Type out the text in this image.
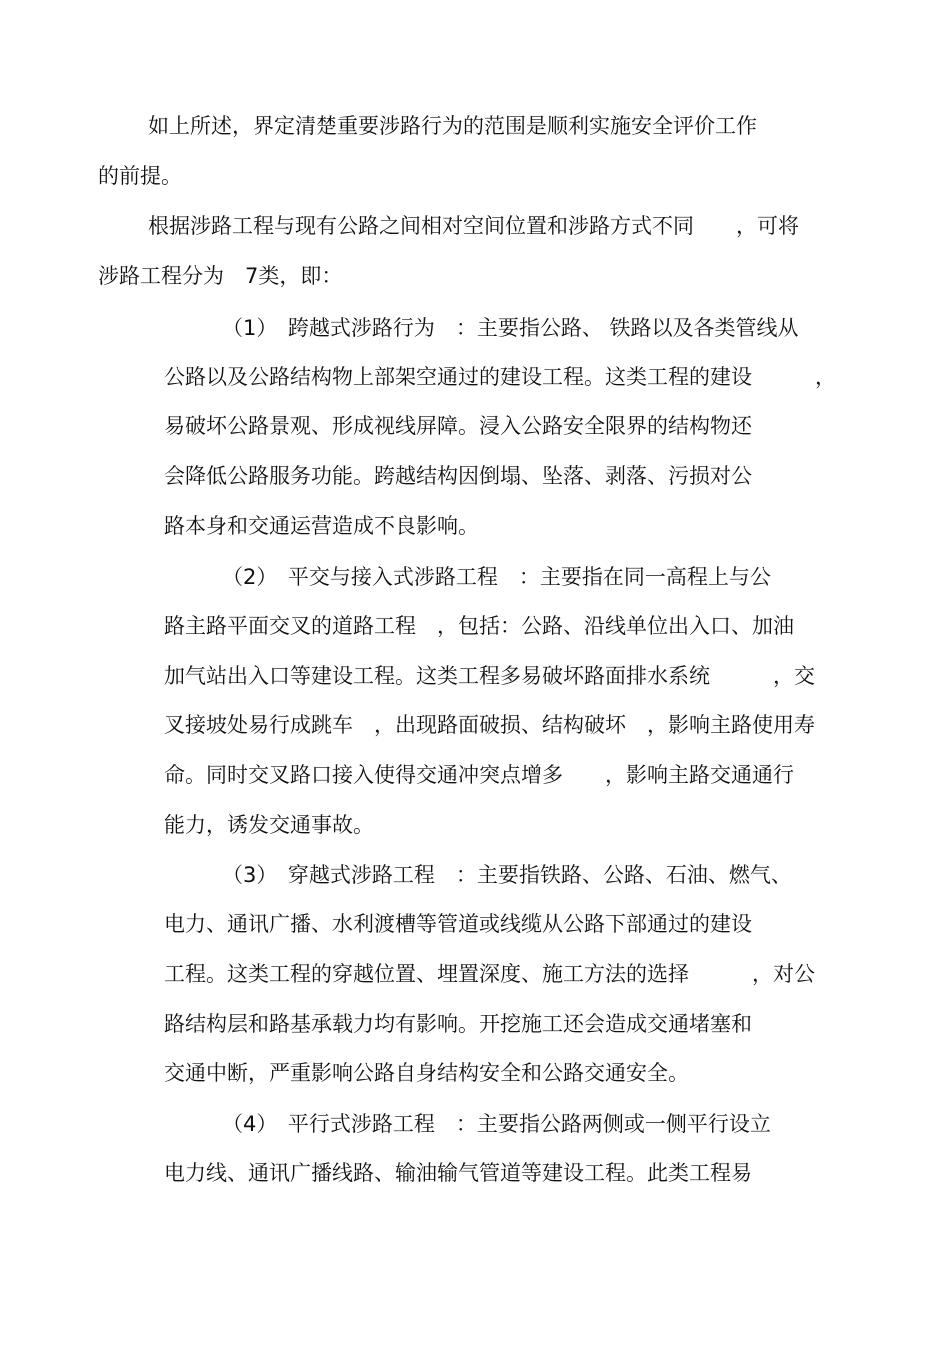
如上所述，界定清楚重要涉路行为的范围是顺利实施安全评价工作
的前提。
根据涉路工程与现有公路之间相对空间位置和涉路方式不同　　，可将
涉路工程分为　7类，即：
（1）　跨越式涉路行为　：主要指公路、 铁路以及各类管线从
公路以及公路结构物上部架空通过的建设工程。这类工程的建设　　　，
易破坏公路景观、形成视线屏障。浸入公路安全限界的结构物还
会降低公路服务功能。跨越结构因倒塌、坠落、剥落、污损对公
路本身和交通运营造成不良影响。
（2）　平交与接入式涉路工程　：主要指在同一高程上与公
路主路平面交叉的道路工程　，包括：公路、沿线单位出入口、加油
加气站出入口等建设工程。这类工程多易破坏路面排水系统　　　，交
叉接坡处易行成跳车　，出现路面破损、结构破坏　，影响主路使用寿
命。同时交叉路口接入使得交通冲突点增多　　，影响主路交通通行
能力，诱发交通事故。
（3）　穿越式涉路工程　：主要指铁路、公路、石油、燃气、
电力、通讯广播、水利渡槽等管道或线缆从公路下部通过的建设
工程。这类工程的穿越位置、埋置深度、施工方法的选择　　　，对公
路结构层和路基承载力均有影响。开挖施工还会造成交通堵塞和
交通中断，严重影响公路自身结构安全和公路交通安全。
（4）　平行式涉路工程　：主要指公路两侧或一侧平行设立
电力线、通讯广播线路、输油输气管道等建设工程。此类工程易
